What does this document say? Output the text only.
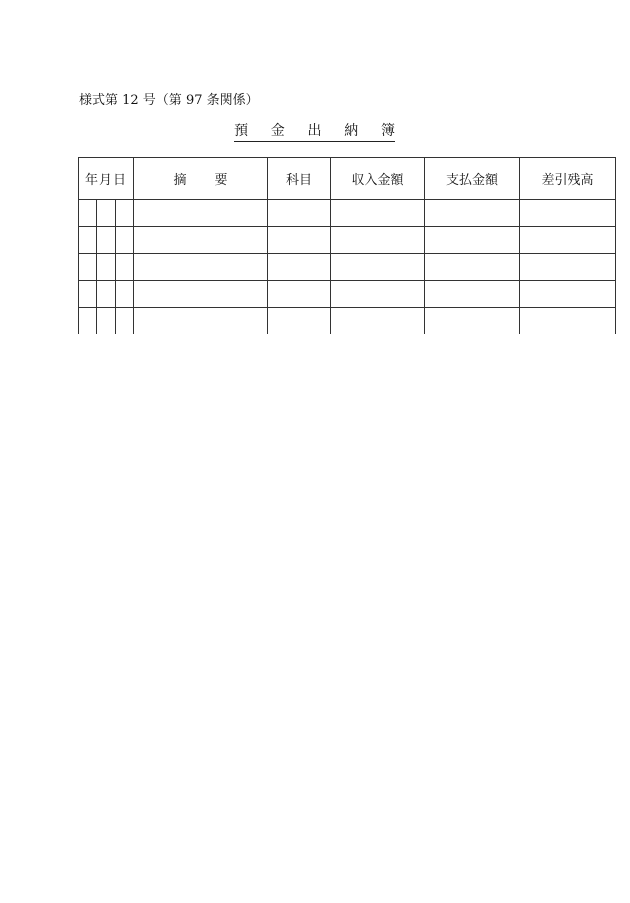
様式第 12 号（第 97 条関係）
預 金 出 納 簿
年月日			摘 要	科目	収入金額	支払金額	差引残高
